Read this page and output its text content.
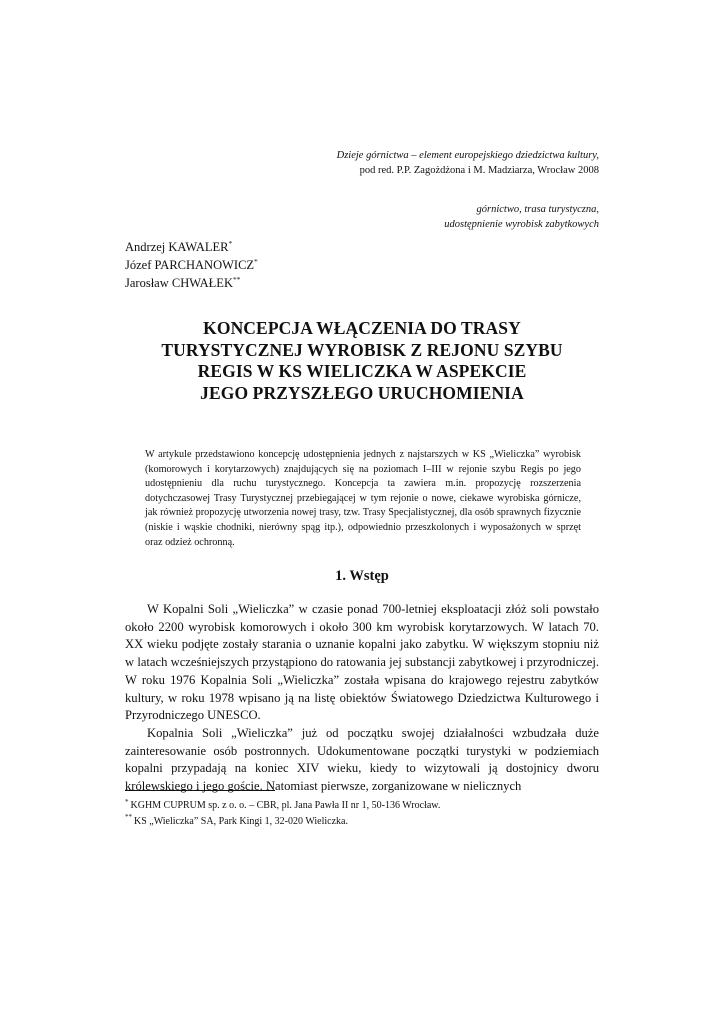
Dzieje górnictwa – element europejskiego dziedzictwa kultury,
pod red. P.P. Zagożdżona i M. Madziarza, Wrocław 2008
górnictwo, trasa turystyczna,
udostępnienie wyrobisk zabytkowych
Andrzej KAWALER*
Józef PARCHANOWICZ*
Jarosław CHWAŁEK**
KONCEPCJA WŁĄCZENIA DO TRASY
TURYSTYCZNEJ WYROBISK Z REJONU SZYBU
REGIS W KS WIELICZKA W ASPEKCIE
JEGO PRZYSZŁEGO URUCHOMIENIA
W artykule przedstawiono koncepcję udostępnienia jednych z najstarszych w KS „Wieliczka” wyrobisk (komorowych i korytarzowych) znajdujących się na poziomach I–III w rejonie szybu Regis po jego udostępnieniu dla ruchu turystycznego. Koncepcja ta zawiera m.in. propozycję rozszerzenia dotychczasowej Trasy Turystycznej przebiegającej w tym rejonie o nowe, ciekawe wyrobiska górnicze, jak również propozycję utworzenia nowej trasy, tzw. Trasy Specjalistycznej, dla osób sprawnych fizycznie (niskie i wąskie chodniki, nierówny spąg itp.), odpowiednio przeszkolonych i wyposażonych w sprzęt oraz odzież ochronną.
1. Wstęp

W Kopalni Soli „Wieliczka” w czasie ponad 700-letniej eksploatacji złóż soli powstało około 2200 wyrobisk komorowych i około 300 km wyrobisk korytarzowych. W latach 70. XX wieku podjęte zostały starania o uznanie kopalni jako zabytku. W większym stopniu niż w latach wcześniejszych przystąpiono do ratowania jej substancji zabytkowej i przyrodniczej. W roku 1976 Kopalnia Soli „Wieliczka” została wpisana do krajowego rejestru zabytków kultury, w roku 1978 wpisano ją na listę obiektów Światowego Dziedzictwa Kulturowego i Przyrodniczego UNESCO.

Kopalnia Soli „Wieliczka” już od początku swojej działalności wzbudzała duże zainteresowanie osób postronnych. Udokumentowane początki turystyki w podziemiach kopalni przypadają na koniec XIV wieku, kiedy to wizytowali ją dostojnicy dworu królewskiego i jego goście. Natomiast pierwsze, zorganizowane w nielicznych

* KGHM CUPRUM sp. z o. o. – CBR, pl. Jana Pawła II nr 1, 50-136 Wrocław.
** KS „Wieliczka” SA, Park Kingi 1, 32-020 Wieliczka.
